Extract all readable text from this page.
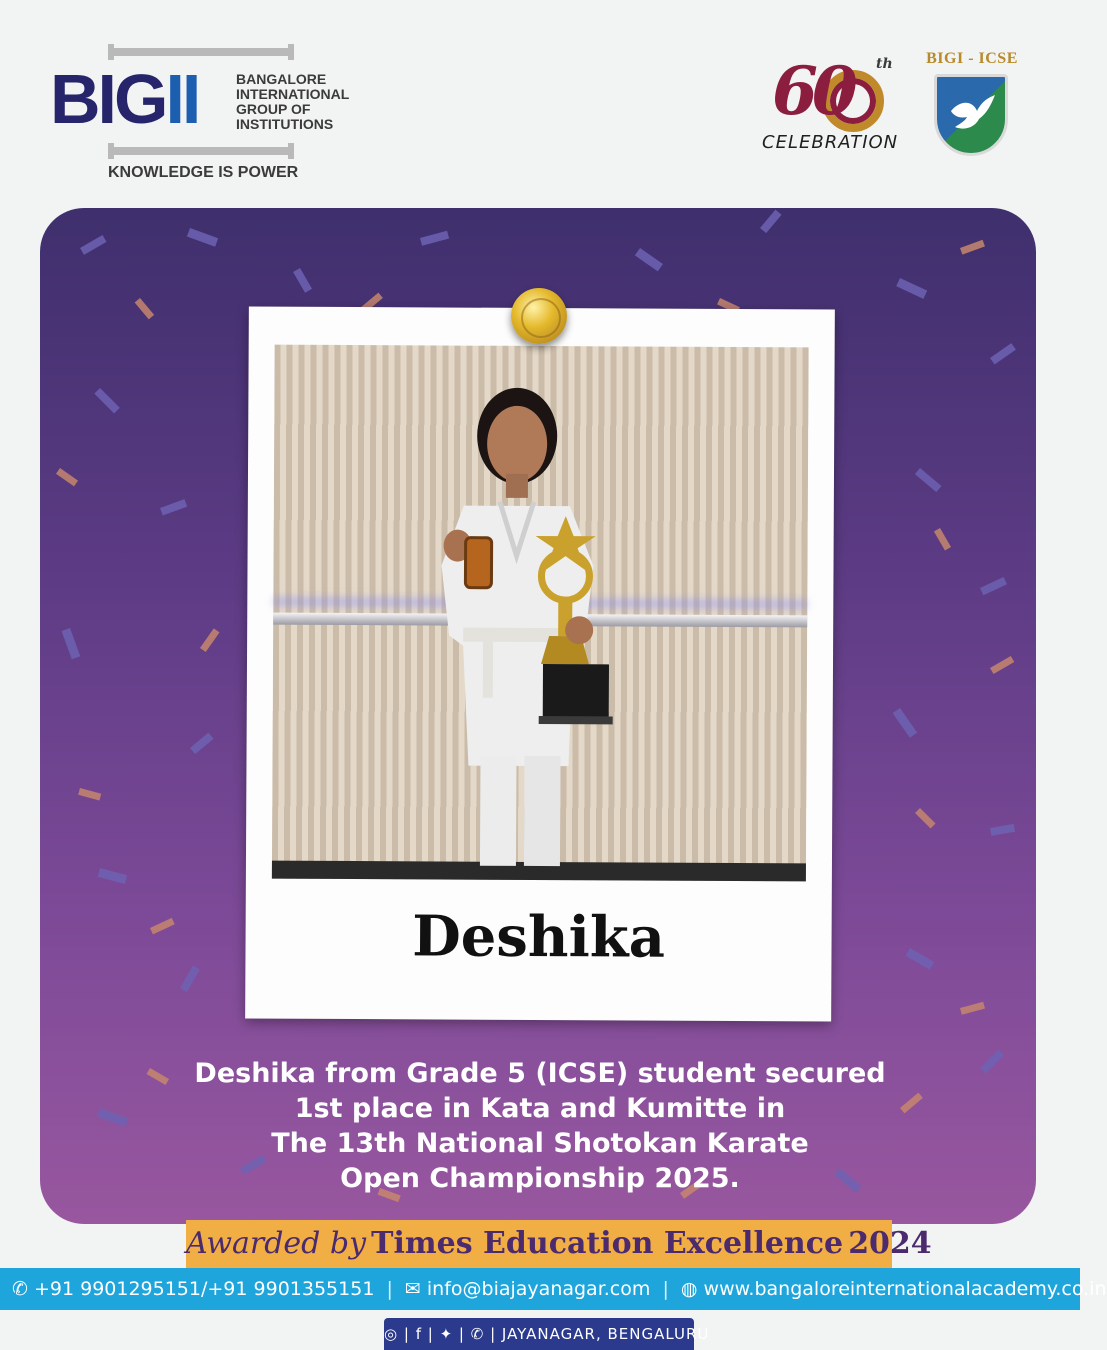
BIGII	BANGALORE INTERNATIONAL GROUP OF INSTITUTIONS
KNOWLEDGE IS POWER
60 th
CELEBRATION
BIGI - ICSE
Deshika
Deshika from Grade 5 (ICSE) student secured
1st place in Kata and Kumitte in
The 13th National Shotokan Karate
Open Championship 2025.
Awarded by Times Education Excellence 2024
✆ +91 9901295151/+91 9901355151 | ✉ info@biajayanagar.com | ◍ www.bangaloreinternationalacademy.co.in
◎ | f | ✦ | ✆ | JAYANAGAR, BENGALURU
